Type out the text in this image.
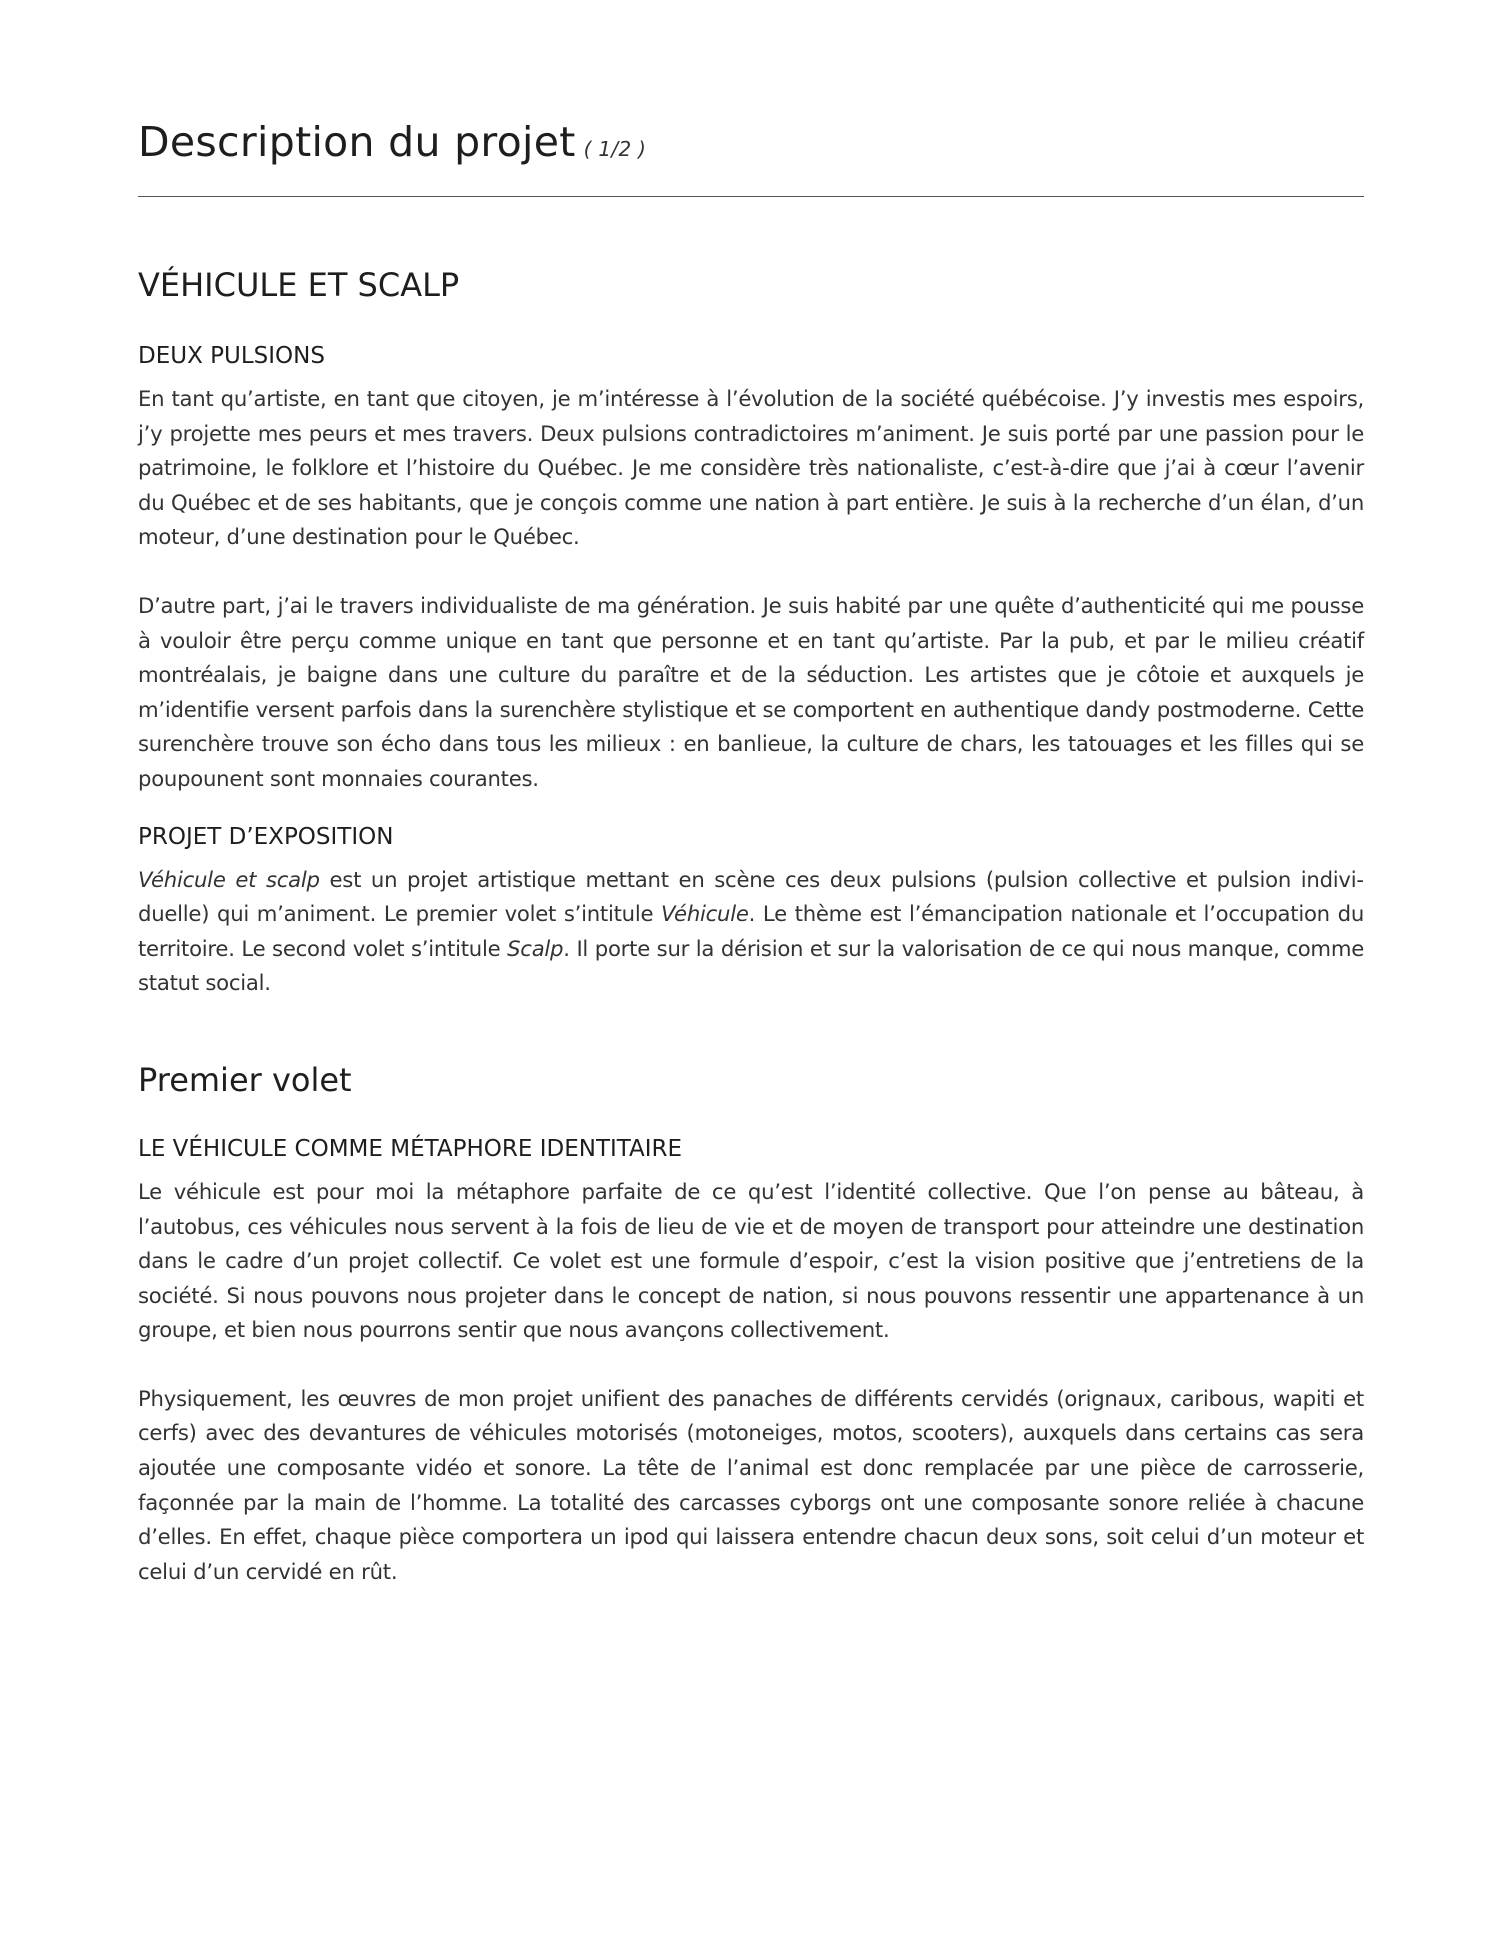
Description du projet ( 1/2 )
VÉHICULE ET SCALP
DEUX PULSIONS

En tant qu’artiste, en tant que citoyen, je m’intéresse à l’évolution de la société québécoise. J’y investis mes espoirs, j’y projette mes peurs et mes travers. Deux pulsions contradictoires m’animent. Je suis porté par une passion pour le patrimoine, le folklore et l’histoire du Québec. Je me considère très nationaliste, c’est-à-dire que j’ai à cœur l’avenir du Québec et de ses habitants, que je conçois comme une nation à part entière. Je suis à la recherche d’un élan, d’un moteur, d’une destination pour le Québec.

D’autre part, j’ai le travers individualiste de ma génération. Je suis habité par une quête d’authenticité qui me pousse à vouloir être perçu comme unique en tant que personne et en tant qu’artiste. Par la pub, et par le milieu créatif montréalais, je baigne dans une culture du paraître et de la séduction. Les artistes que je côtoie et auxquels je m’identifie versent parfois dans la surenchère stylistique et se comportent en authentique dandy postmoderne. Cette surenchère trouve son écho dans tous les milieux : en banlieue, la culture de chars, les tatouages et les filles qui se poupounent sont monnaies courantes.

PROJET D’EXPOSITION

Véhicule et scalp est un projet artistique mettant en scène ces deux pulsions (pulsion collective et pulsion individuelle) qui m’animent. Le premier volet s’intitule Véhicule. Le thème est l’émancipation nationale et l’occupation du territoire. Le second volet s’intitule Scalp. Il porte sur la dérision et sur la valorisation de ce qui nous manque, comme statut social.

Premier volet
LE VÉHICULE COMME MÉTAPHORE IDENTITAIRE

Le véhicule est pour moi la métaphore parfaite de ce qu’est l’identité collective. Que l’on pense au bâteau, à l’autobus, ces véhicules nous servent à la fois de lieu de vie et de moyen de transport pour atteindre une destination dans le cadre d’un projet collectif. Ce volet est une formule d’espoir, c’est la vision positive que j’entretiens de la société. Si nous pouvons nous projeter dans le concept de nation, si nous pouvons ressentir une appartenance à un groupe, et bien nous pourrons sentir que nous avançons collectivement.

Physiquement, les œuvres de mon projet unifient des panaches de différents cervidés (orignaux, caribous, wapiti et cerfs) avec des devantures de véhicules motorisés (motoneiges, motos, scooters), auxquels dans certains cas sera ajoutée une composante vidéo et sonore. La tête de l’animal est donc remplacée par une pièce de carrosserie, façonnée par la main de l’homme. La totalité des carcasses cyborgs ont une composante sonore reliée à chacune d’elles. En effet, chaque pièce comportera un ipod qui laissera entendre chacun deux sons, soit celui d’un moteur et celui d’un cervidé en rût.
